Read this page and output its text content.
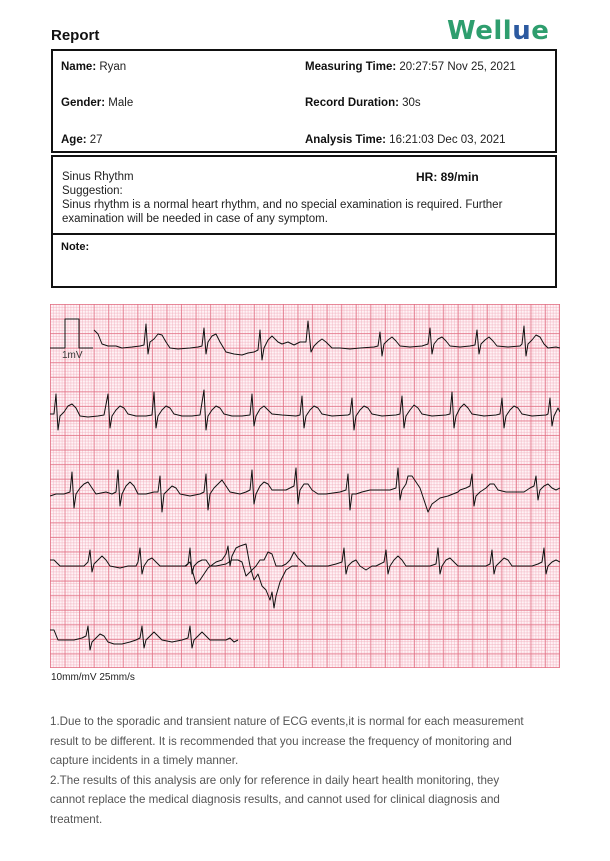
Report	Wellue
Name: Ryan
Gender: Male
Age: 27
Measuring Time: 20:27:57 Nov 25, 2021
Record Duration: 30s
Analysis Time: 16:21:03 Dec 03, 2021
Sinus Rhythm	HR: 89/min
Suggestion:
Sinus rhythm is a normal heart rhythm, and no special examination is required. Further
examination will be needed in case of any symptom.
Note:
1mV
10mm/mV 25mm/s

1.Due to the sporadic and transient nature of ECG events,it is normal for each measurement

result to be different. It is recommended that you increase the frequency of monitoring and

capture incidents in a timely manner.

2.The results of this analysis are only for reference in daily heart health monitoring, they

cannot replace the medical diagnosis results, and cannot used for clinical diagnosis and

treatment.
